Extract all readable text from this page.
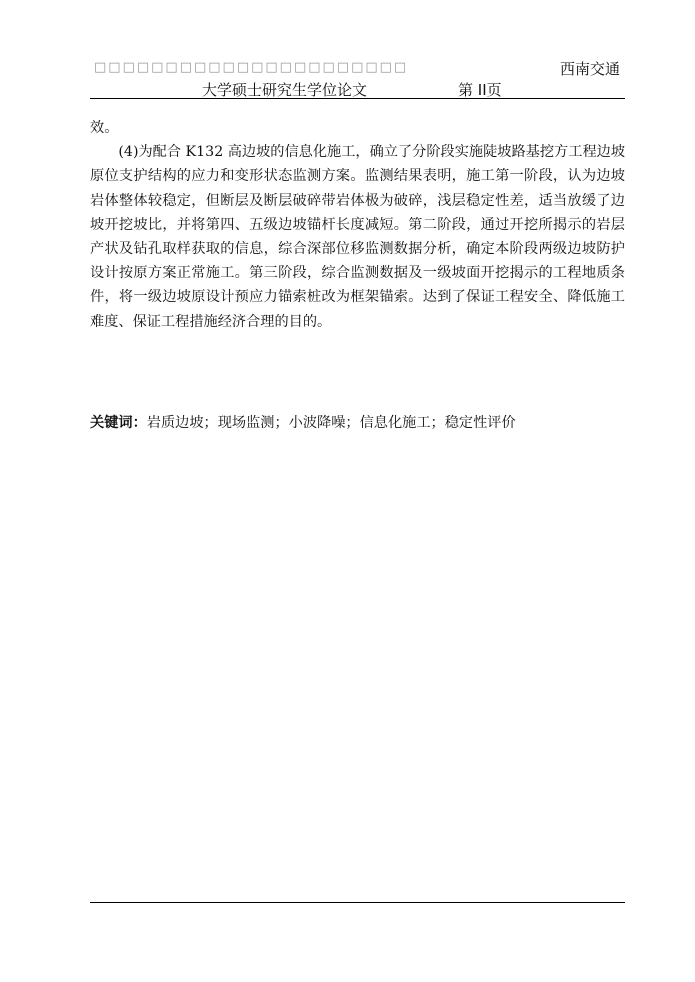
□□□□□□□□□□□□□□□□□□□□□□	西南交通
大学硕士研究生学位论文	第 II页

效。

(4)为配合 K132 高边坡的信息化施工，确立了分阶段实施陡坡路基挖方工程边坡原位支护结构的应力和变形状态监测方案。监测结果表明，施工第一阶段，认为边坡岩体整体较稳定，但断层及断层破碎带岩体极为破碎，浅层稳定性差，适当放缓了边坡开挖坡比，并将第四、五级边坡锚杆长度减短。第二阶段，通过开挖所揭示的岩层产状及钻孔取样获取的信息，综合深部位移监测数据分析，确定本阶段两级边坡防护设计按原方案正常施工。第三阶段，综合监测数据及一级坡面开挖揭示的工程地质条件，将一级边坡原设计预应力锚索桩改为框架锚索。达到了保证工程安全、降低施工难度、保证工程措施经济合理的目的。

关键词：岩质边坡；现场监测；小波降噪；信息化施工；稳定性评价
